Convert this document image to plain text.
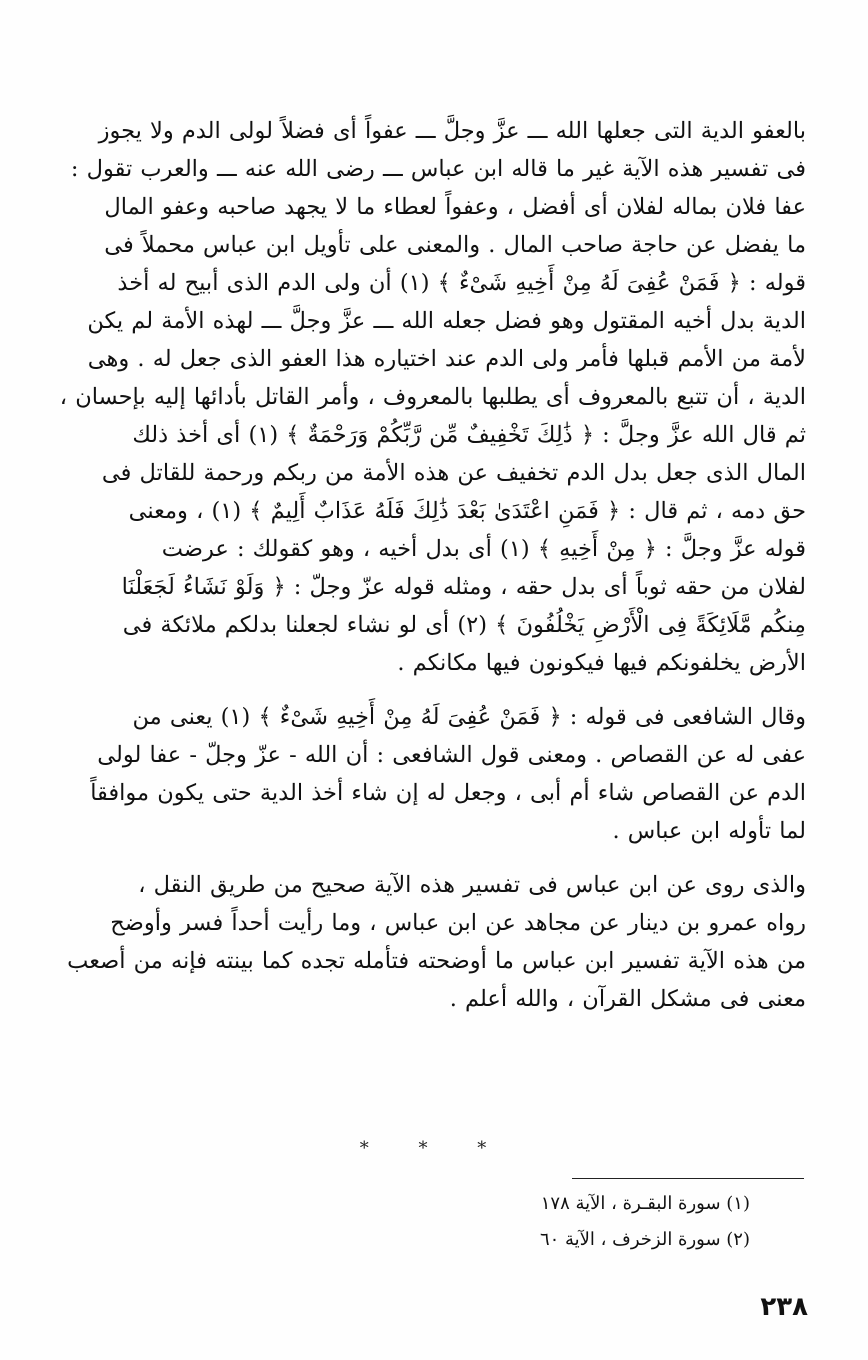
بالعفو الدية التى جعلها الله ـــ عزَّ وجلَّ ـــ عفواً أى فضلاً لولى الدم ولا يجوز
فى تفسير هذه الآية غير ما قاله ابن عباس ـــ رضى الله عنه ـــ والعرب تقول :
عفا فلان بماله لفلان أى أفضل ، وعفواً لعطاء ما لا يجهد صاحبه وعفو المال
ما يفضل عن حاجة صاحب المال . والمعنى على تأويل ابن عباس محملاً فى
قوله : ﴿ فَمَنْ عُفِىَ لَهُ مِنْ أَخِيهِ شَىْءٌ ﴾ (١) أن ولى الدم الذى أبيح له أخذ
الدية بدل أخيه المقتول وهو فضل جعله الله ـــ عزَّ وجلَّ ـــ لهذه الأمة لم يكن
لأمة من الأمم قبلها فأمر ولى الدم عند اختياره هذا العفو الذى جعل له . وهى
الدية ، أن تتبع بالمعروف أى يطلبها بالمعروف ، وأمر القاتل بأدائها إليه بإحسان ،
ثم قال الله عزَّ وجلَّ : ﴿ ذَٰلِكَ تَخْفِيفٌ مِّن رَّبِّكُمْ وَرَحْمَةٌ ﴾ (١) أى أخذ ذلك
المال الذى جعل بدل الدم تخفيف عن هذه الأمة من ربكم ورحمة للقاتل فى
حق دمه ، ثم قال : ﴿ فَمَنِ اعْتَدَىٰ بَعْدَ ذَٰلِكَ فَلَهُ عَذَابٌ أَلِيمٌ ﴾ (١) ، ومعنى
قوله عزَّ وجلَّ : ﴿ مِنْ أَخِيهِ ﴾ (١) أى بدل أخيه ، وهو كقولك : عرضت
لفلان من حقه ثوباً أى بدل حقه ، ومثله قوله عزّ وجلّ : ﴿ وَلَوْ نَشَاءُ لَجَعَلْنَا
مِنكُم مَّلَائِكَةً فِى الْأَرْضِ يَخْلُفُونَ ﴾ (٢) أى لو نشاء لجعلنا بدلكم ملائكة فى
الأرض يخلفونكم فيها فيكونون فيها مكانكم .

وقال الشافعى فى قوله : ﴿ فَمَنْ عُفِىَ لَهُ مِنْ أَخِيهِ شَىْءٌ ﴾ (١) يعنى من
عفى له عن القصاص . ومعنى قول الشافعى : أن الله - عزّ وجلّ - عفا لولى
الدم عن القصاص شاء أم أبى ، وجعل له إن شاء أخذ الدية حتى يكون موافقاً
لما تأوله ابن عباس .

والذى روى عن ابن عباس فى تفسير هذه الآية صحيح من طريق النقل ،
رواه عمرو بن دينار عن مجاهد عن ابن عباس ، وما رأيت أحداً فسر وأوضح
من هذه الآية تفسير ابن عباس ما أوضحته فتأمله تجده كما بينته فإنه من أصعب
معنى فى مشكل القرآن ، والله أعلم .

* * *
(١) سورة البقـرة ، الآية ١٧٨
(٢) سورة الزخرف ، الآية ٦٠
٢٣٨
